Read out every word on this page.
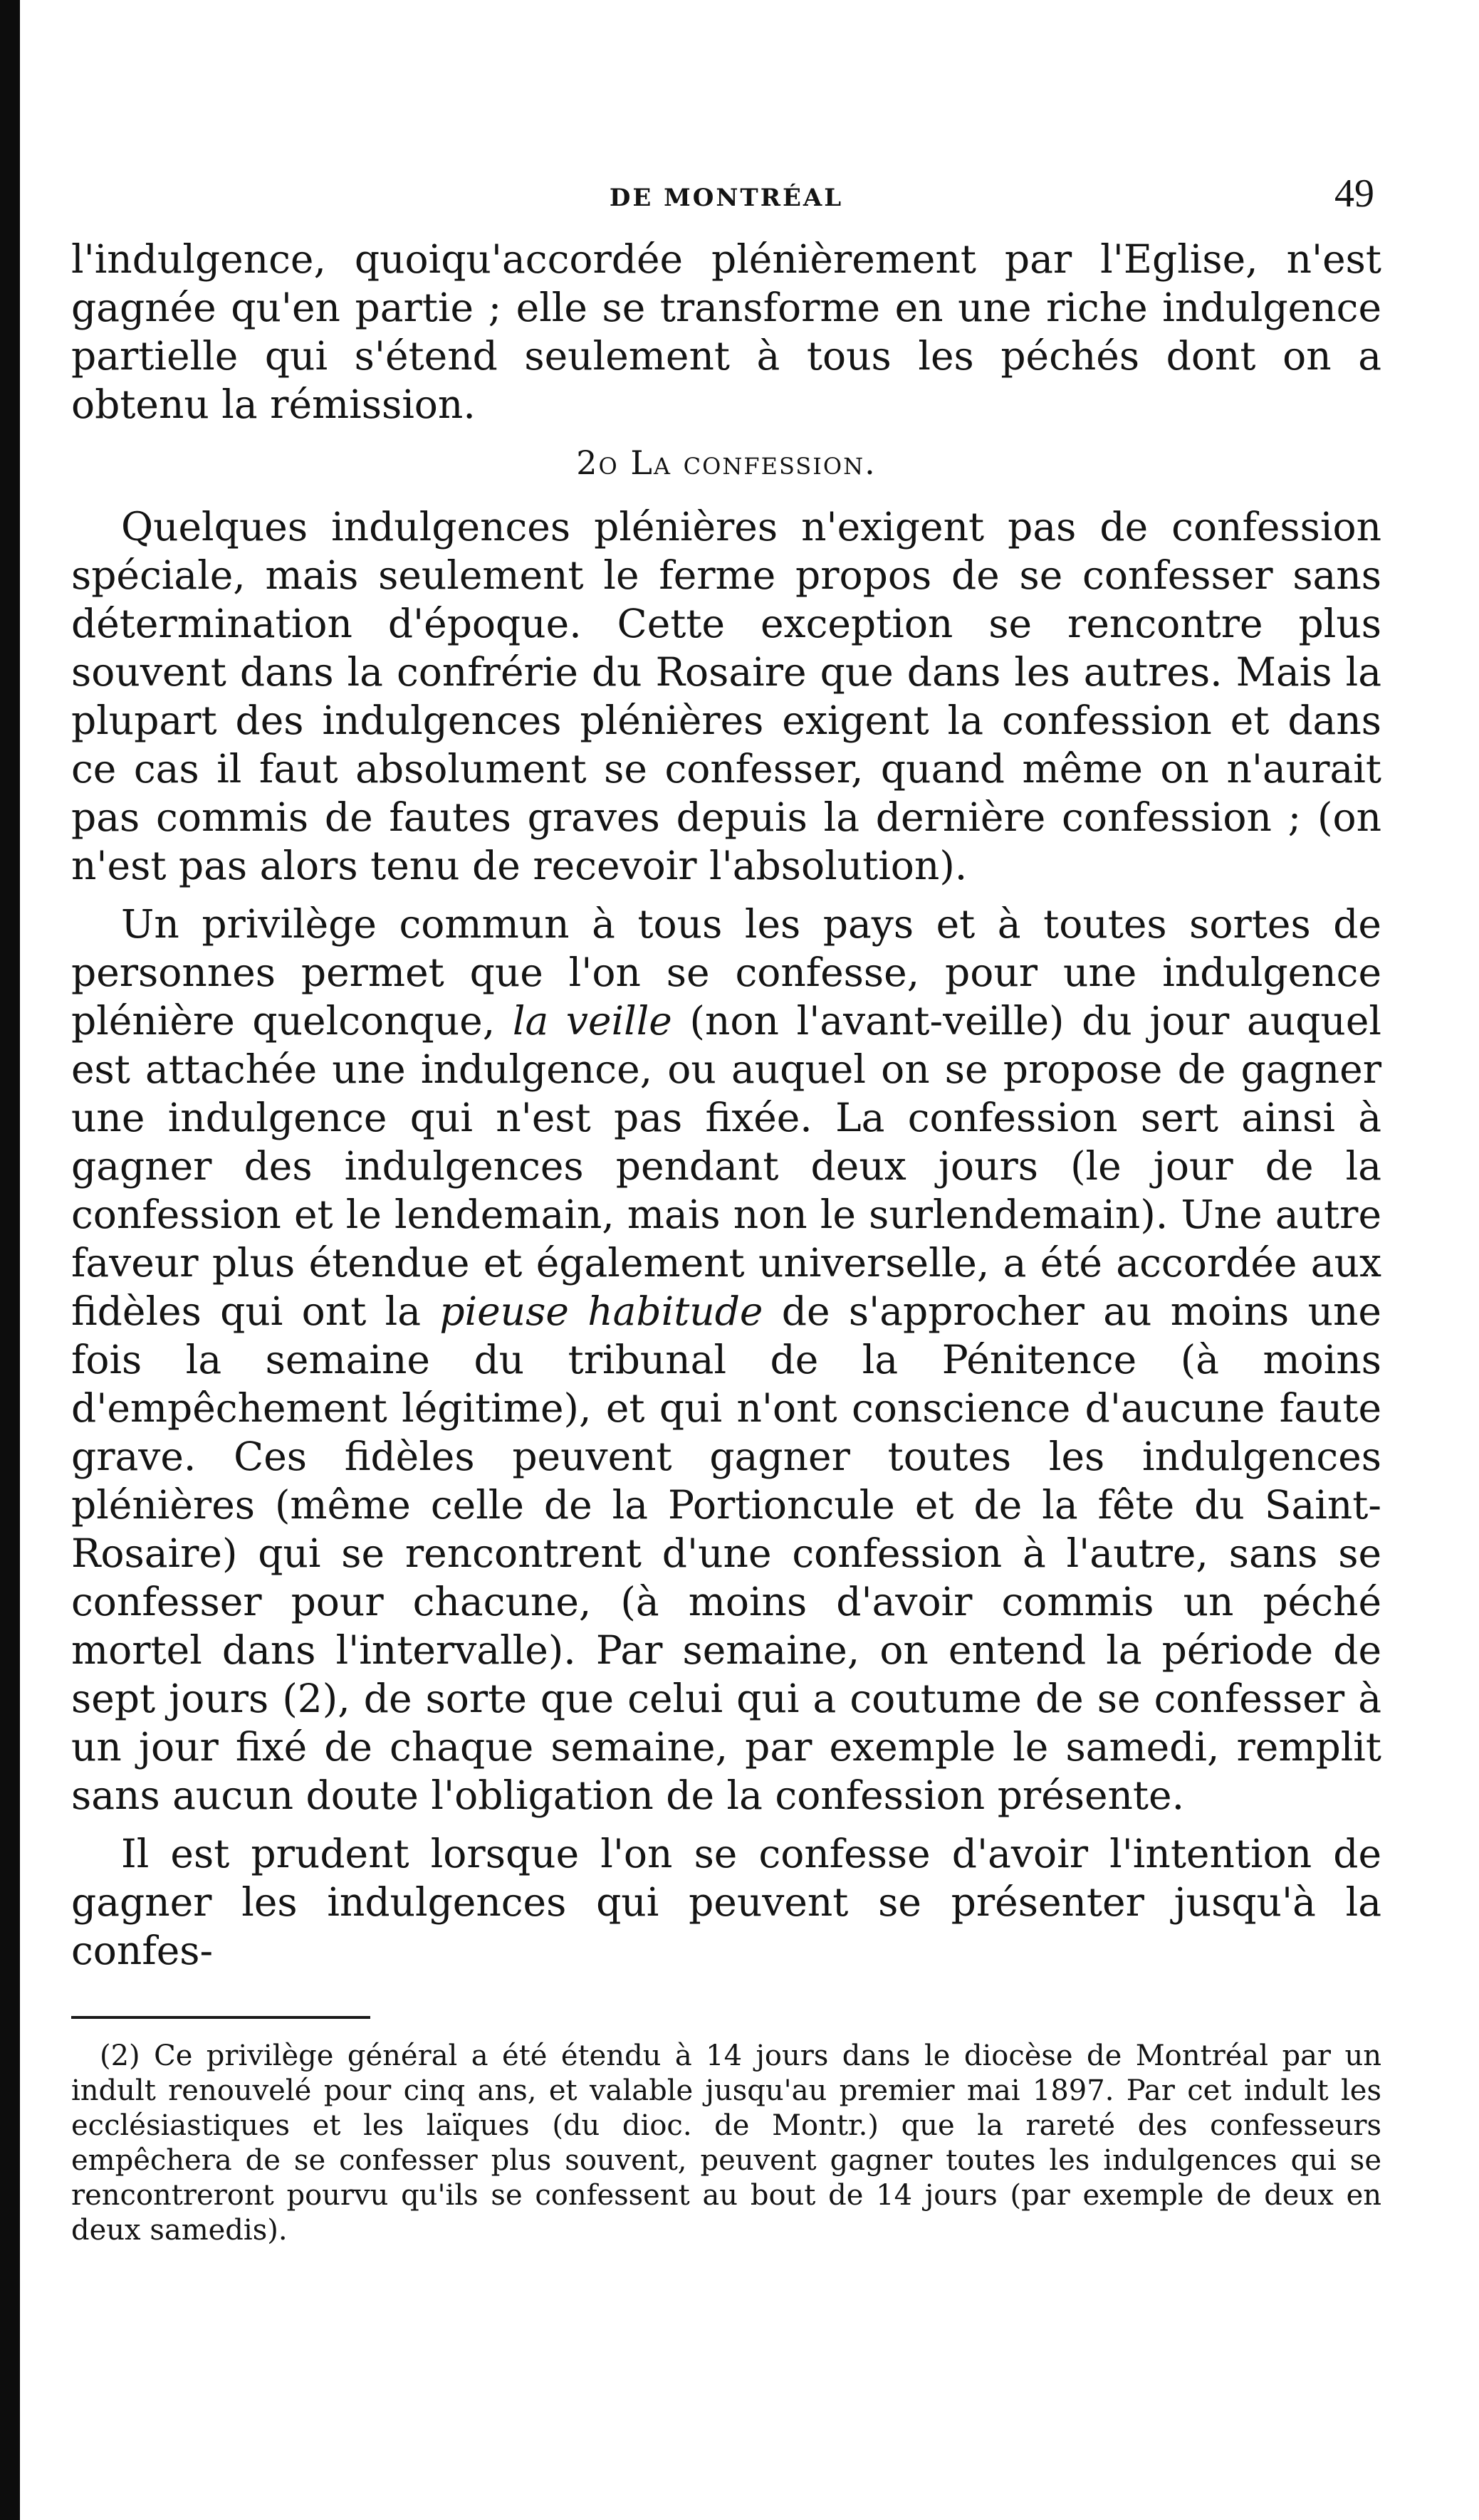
DE MONTRÉAL	49

l'indulgence, quoiqu'accordée plénièrement par l'Eglise, n'est gagnée qu'en partie ; elle se transforme en une riche indulgence partielle qui s'étend seulement à tous les péchés dont on a obtenu la rémission.

2o La confession.

Quelques indulgences plénières n'exigent pas de confession spéciale, mais seulement le ferme propos de se confesser sans détermination d'époque. Cette exception se rencontre plus souvent dans la confrérie du Rosaire que dans les autres. Mais la plupart des indulgences plénières exigent la confession et dans ce cas il faut absolument se confesser, quand même on n'aurait pas commis de fautes graves depuis la dernière confession ; (on n'est pas alors tenu de recevoir l'absolution).

Un privilège commun à tous les pays et à toutes sortes de personnes permet que l'on se confesse, pour une indulgence plénière quelconque, la veille (non l'avant-veille) du jour auquel est attachée une indulgence, ou auquel on se propose de gagner une indulgence qui n'est pas fixée. La confession sert ainsi à gagner des indulgences pendant deux jours (le jour de la confession et le lendemain, mais non le surlendemain). Une autre faveur plus étendue et également universelle, a été accordée aux fidèles qui ont la pieuse habitude de s'approcher au moins une fois la semaine du tribunal de la Pénitence (à moins d'empêchement légitime), et qui n'ont conscience d'aucune faute grave. Ces fidèles peuvent gagner toutes les indulgences plénières (même celle de la Portioncule et de la fête du Saint-Rosaire) qui se rencontrent d'une confession à l'autre, sans se confesser pour chacune, (à moins d'avoir commis un péché mortel dans l'intervalle). Par semaine, on entend la période de sept jours (2), de sorte que celui qui a coutume de se confesser à un jour fixé de chaque semaine, par exemple le samedi, remplit sans aucun doute l'obligation de la confession présente.

Il est prudent lorsque l'on se confesse d'avoir l'intention de gagner les indulgences qui peuvent se présenter jusqu'à la confes-

(2) Ce privilège général a été étendu à 14 jours dans le diocèse de Montréal par un indult renouvelé pour cinq ans, et valable jusqu'au premier mai 1897. Par cet indult les ecclésiastiques et les laïques (du dioc. de Montr.) que la rareté des confesseurs empêchera de se confesser plus souvent, peuvent gagner toutes les indulgences qui se rencontreront pourvu qu'ils se confessent au bout de 14 jours (par exemple de deux en deux samedis).
